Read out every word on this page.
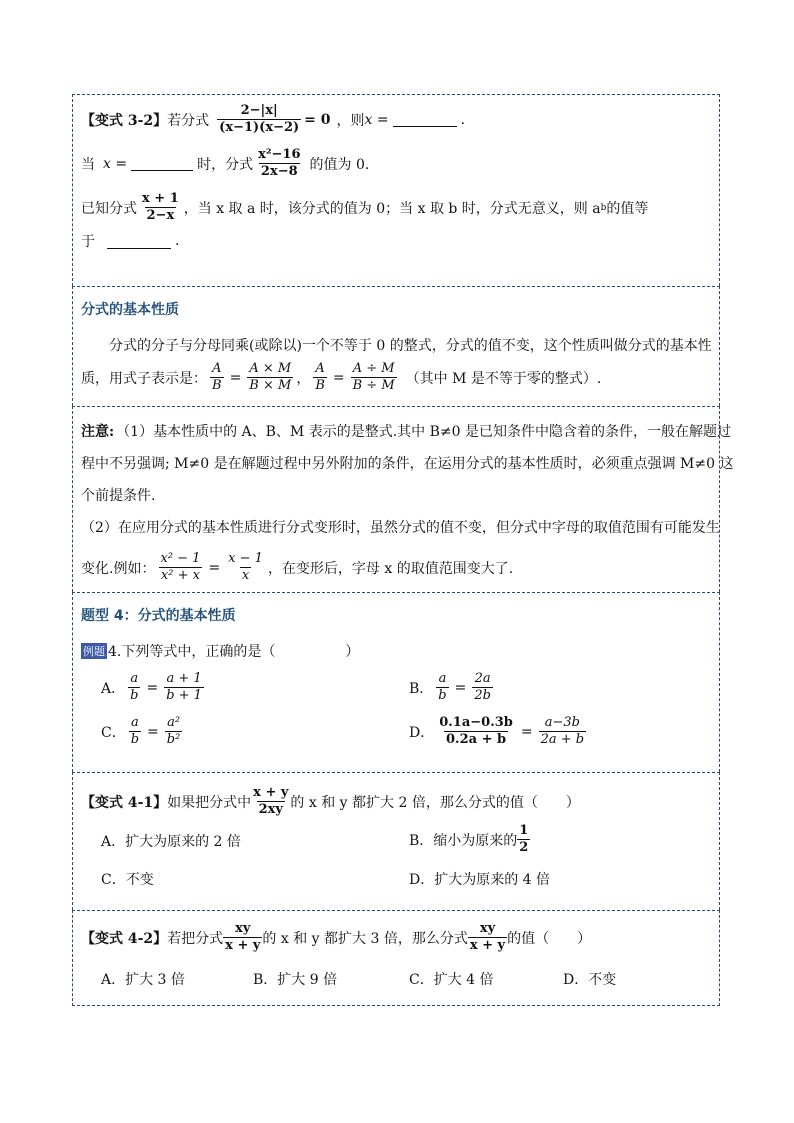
【变式 3-2】 若分式 $\frac{2-|x|}{(x-1)(x-2)} = 0$ ，则 x =	.
当 x =	时，分式 $\frac{\text{x²−16}}{2x-8}$ 的值为 0.
已知分式 $\frac{x + 1}{2-x}$ ，当 x 取 a 时，该分式的值为 0；当 x 取 b 时，分式无意义，则 a b 的值等
于	.
分式的基本性质
分式的分子与分母同乘(或除以)一个不等于 0 的整式，分式的值不变，这个性质叫做分式的基本性
质，用式子表示是： $\frac{A}{B} = \frac{A \times M}{B \times M}$ ， $\frac{A}{B} = \frac{A \div M}{B \div M}$ （其中 M 是不等于零的整式）.
注意: （1）基本性质中的 A、B、M 表示的是整式.其中 B≠0 是已知条件中隐含着的条件，一般在解题过
程中不另强调; M≠0 是在解题过程中另外附加的条件，在运用分式的基本性质时，必须重点强调 M≠0 这
个前提条件.
（2）在应用分式的基本性质进行分式变形时，虽然分式的值不变，但分式中字母的取值范围有可能发生
变化.例如： $\frac{\text{x² − 1}}{\text{x² + x}} = \frac{x - 1}{x}$ ，在变形后，字母 x 的取值范围变大了.
题型 4：分式的基本性质
例题 4.下列等式中，正确的是（　　　　　）
A． $\frac{a}{b} = \frac{a + 1}{b + 1}$	B． $\frac{a}{b} = \frac{2a}{2b}$
C． $\frac{a}{b} = \frac{\text{a²}}{\text{b²}}$	D． $\frac{0.1a-0.3b}{0.2a + b} = \frac{a-3b}{2a + b}$
【变式 4-1】 如果把分式中 $\frac{x + y}{2xy}$ 的 x 和 y 都扩大 2 倍，那么分式的值（　　）
A．扩大为原来的 2 倍	B．缩小为原来的 $\frac{1}{2}$
C．不变	D．扩大为原来的 4 倍
【变式 4-2】 若把分式 $\frac{xy}{x + y}$ 的 x 和 y 都扩大 3 倍，那么分式 $\frac{xy}{x + y}$ 的值（　　）
A．扩大 3 倍	B．扩大 9 倍	C．扩大 4 倍	D．不变
